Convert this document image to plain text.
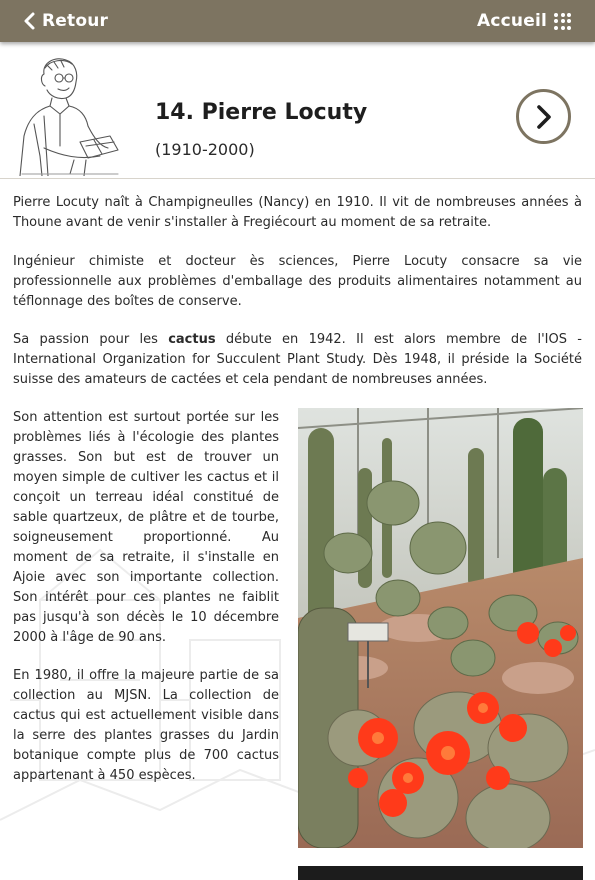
Retour	Accueil
14. Pierre Locuty
(1910-2000)

Pierre Locuty naît à Champigneulles (Nancy) en 1910. Il vit de nombreuses années à Thoune avant de venir s'installer à Fregiécourt au moment de sa retraite.

Ingénieur chimiste et docteur ès sciences, Pierre Locuty consacre sa vie professionnelle aux problèmes d'emballage des produits alimentaires notamment au téflonnage des boîtes de conserve.

Sa passion pour les cactus débute en 1942. Il est alors membre de l'IOS - International Organization for Succulent Plant Study. Dès 1948, il préside la Société suisse des amateurs de cactées et cela pendant de nombreuses années.

Son attention est surtout portée sur les problèmes liés à l'écologie des plantes grasses. Son but est de trouver un moyen simple de cultiver les cactus et il conçoit un terreau idéal constitué de sable quartzeux, de plâtre et de tourbe, soigneusement proportionné. Au moment de sa retraite, il s'installe en Ajoie avec son importante collection. Son intérêt pour ces plantes ne faiblit pas jusqu'à son décès le 10 décembre 2000 à l'âge de 90 ans.

En 1980, il offre la majeure partie de sa collection au MJSN. La collection de cactus qui est actuellement visible dans la serre des plantes grasses du Jardin botanique compte plus de 700 cactus appartenant à 450 espèces.
